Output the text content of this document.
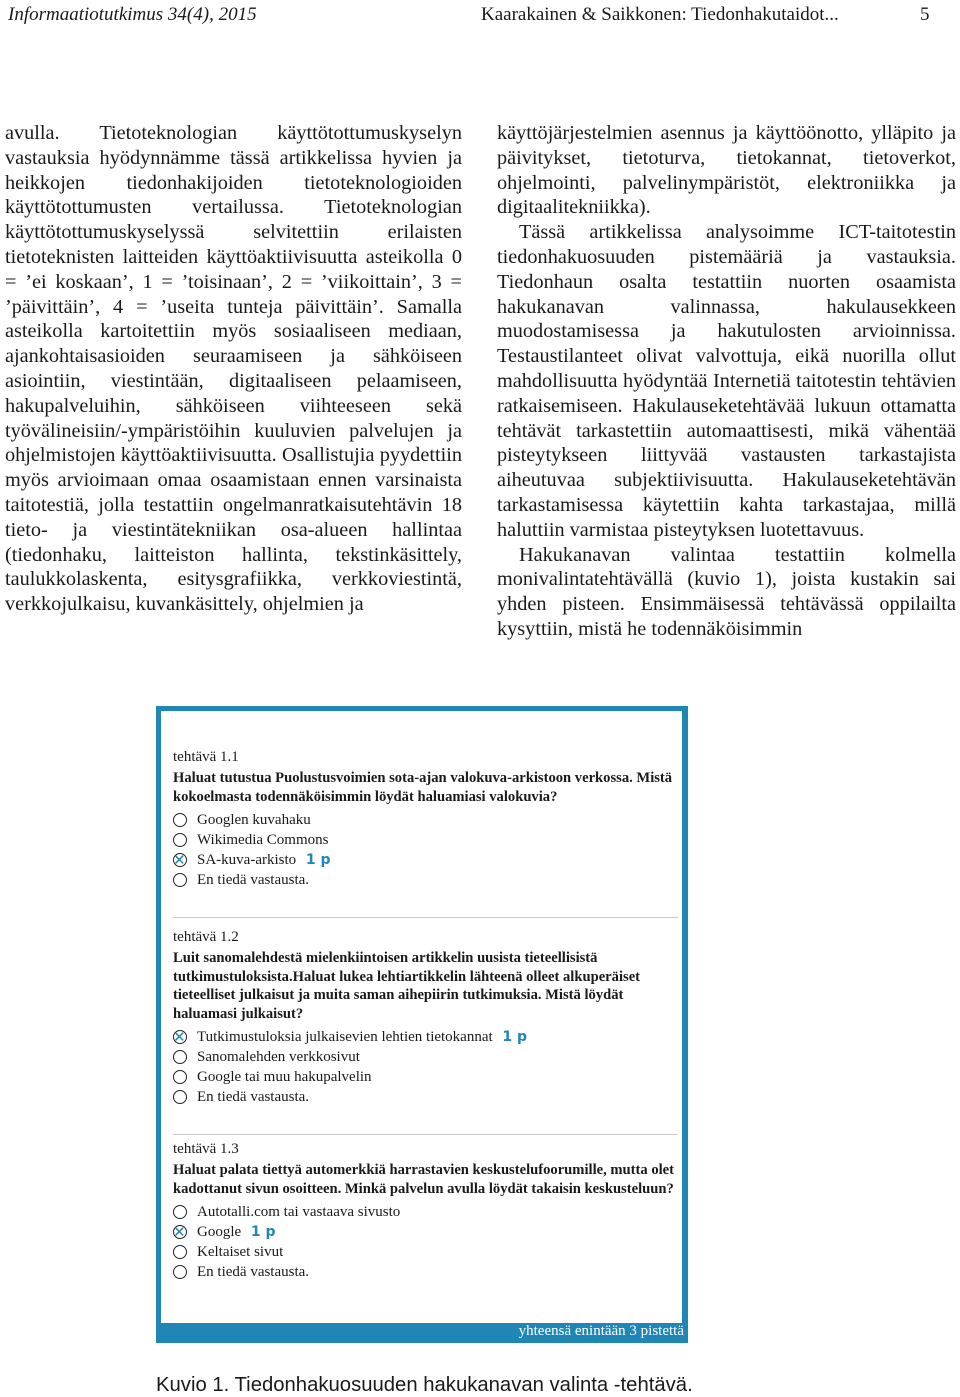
Informaatiotutkimus 34(4), 2015	Kaarakainen & Saikkonen: Tiedonhakutaidot...	5

avulla. Tietoteknologian käyttötottumuskyselyn vastauksia hyödynnämme tässä artikkelissa hyvien ja heikkojen tiedonhakijoiden tietoteknologioiden käyttötottumusten vertailussa. Tietoteknologian käyttötottumuskyselyssä selvitettiin erilaisten tietoteknisten laitteiden käyttöaktiivisuutta asteikolla 0 = ’ei koskaan’, 1 = ’toisinaan’, 2 = ’viikoittain’, 3 = ’päivittäin’, 4 = ’useita tunteja päivittäin’. Samalla asteikolla kartoitettiin myös sosiaaliseen mediaan, ajankohtaisasioiden seuraamiseen ja sähköiseen asiointiin, viestintään, digitaaliseen pelaamiseen, hakupalveluihin, sähköiseen viihteeseen sekä työvälineisiin/-ympäristöihin kuuluvien palvelujen ja ohjelmistojen käyttöaktiivisuutta. Osallistujia pyydettiin myös arvioimaan omaa osaamistaan ennen varsinaista taitotestiä, jolla testattiin ongelmanratkaisutehtävin 18 tieto- ja viestintätekniikan osa-alueen hallintaa (tiedonhaku, laitteiston hallinta, tekstinkäsittely, taulukkolaskenta, esitysgrafiikka, verkkoviestintä, verkkojulkaisu, kuvankäsittely, ohjelmien ja

käyttöjärjestelmien asennus ja käyttöönotto, ylläpito ja päivitykset, tietoturva, tietokannat, tietoverkot, ohjelmointi, palvelinympäristöt, elektroniikka ja digitaalitekniikka).

Tässä artikkelissa analysoimme ICT-taitotestin tiedonhakuosuuden pistemääriä ja vastauksia. Tiedonhaun osalta testattiin nuorten osaamista hakukanavan valinnassa, hakulausekkeen muodostamisessa ja hakutulosten arvioinnissa. Testaustilanteet olivat valvottuja, eikä nuorilla ollut mahdollisuutta hyödyntää Internetiä taitotestin tehtävien ratkaisemiseen. Hakulauseketehtävää lukuun ottamatta tehtävät tarkastettiin automaattisesti, mikä vähentää pisteytykseen liittyvää vastausten tarkastajista aiheutuvaa subjektiivisuutta. Hakulauseketehtävän tarkastamisessa käytettiin kahta tarkastajaa, millä haluttiin varmistaa pisteytyksen luotettavuus.

Hakukanavan valintaa testattiin kolmella monivalintatehtävällä (kuvio 1), joista kustakin sai yhden pisteen. Ensimmäisessä tehtävässä oppilailta kysyttiin, mistä he todennäköisimmin

tehtävä 1.1
Haluat tutustua Puolustusvoimien sota-ajan valokuva-arkistoon verkossa. Mistä kokoelmasta todennäköisimmin löydät haluamiasi valokuvia?
Googlen kuvahaku
Wikimedia Commons
✕ SA-kuva-arkisto 1 p
En tiedä vastausta.
tehtävä 1.2
Luit sanomalehdestä mielenkiintoisen artikkelin uusista tieteellisistä tutkimustuloksista.Haluat lukea lehtiartikkelin lähteenä olleet alkuperäiset tieteelliset julkaisut ja muita saman aihepiirin tutkimuksia. Mistä löydät haluamasi julkaisut?
✕ Tutkimustuloksia julkaisevien lehtien tietokannat 1 p
Sanomalehden verkkosivut
Google tai muu hakupalvelin
En tiedä vastausta.
tehtävä 1.3
Haluat palata tiettyä automerkkiä harrastavien keskustelufoorumille, mutta olet kadottanut sivun osoitteen. Minkä palvelun avulla löydät takaisin keskusteluun?
Autotalli.com tai vastaava sivusto
✕ Google 1 p
Keltaiset sivut
En tiedä vastausta.
yhteensä enintään 3 pistettä
Kuvio 1. Tiedonhakuosuuden hakukanavan valinta -tehtävä.
